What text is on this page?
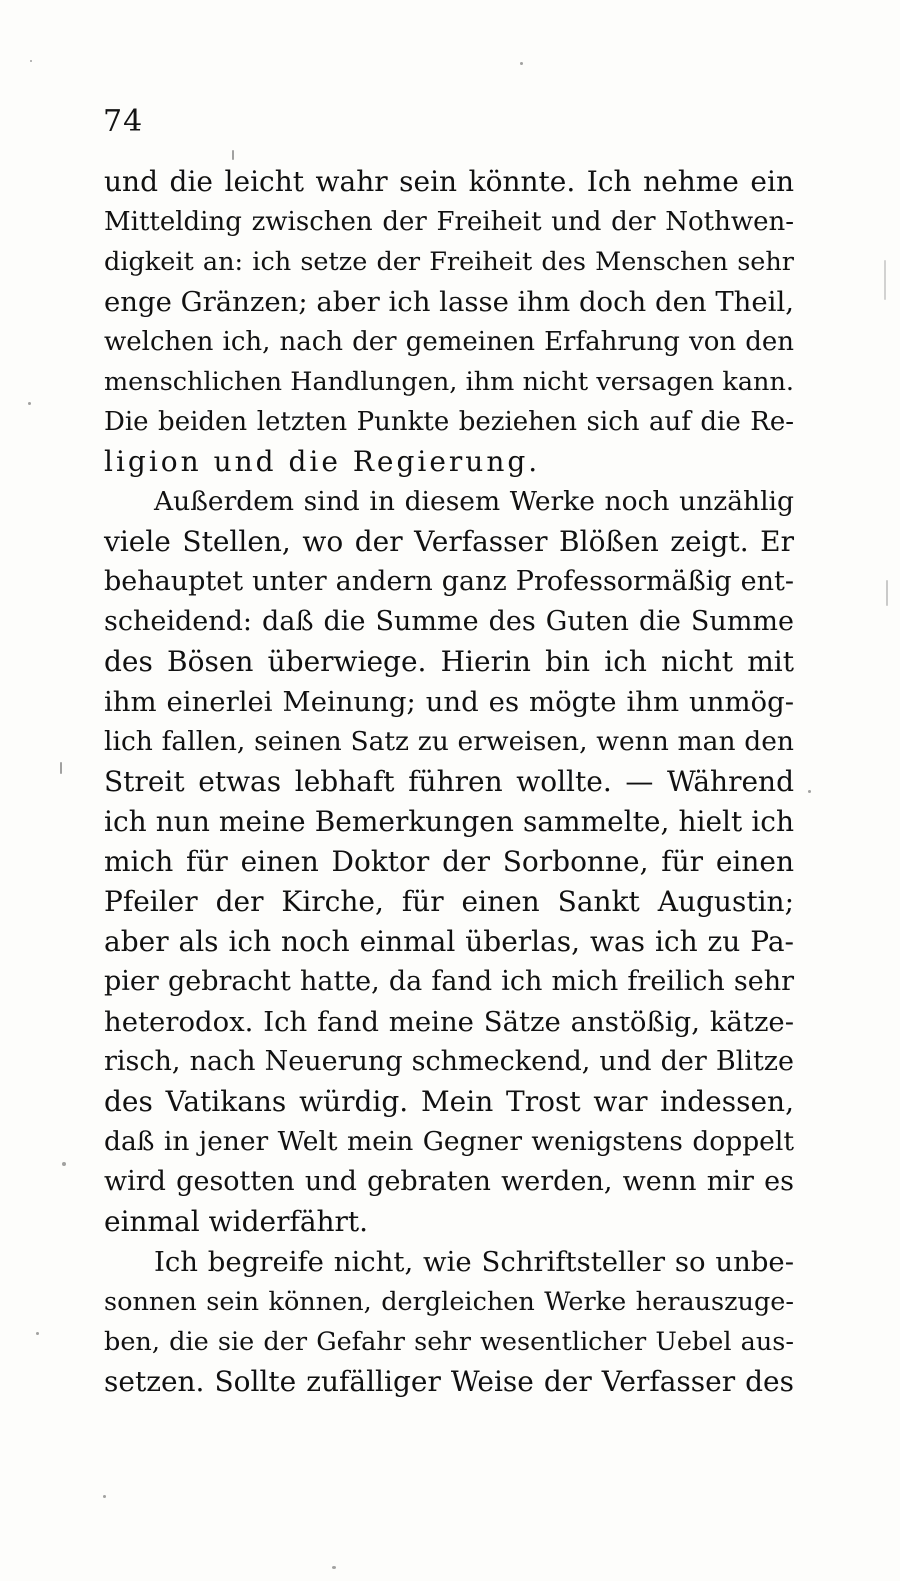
74
und die leicht wahr sein könnte. Ich nehme ein
Mittelding zwischen der Freiheit und der Nothwen-
digkeit an: ich setze der Freiheit des Menschen sehr
enge Gränzen; aber ich lasse ihm doch den Theil,
welchen ich, nach der gemeinen Erfahrung von den
menschlichen Handlungen, ihm nicht versagen kann.
Die beiden letzten Punkte beziehen sich auf die Re-
ligion und die Regierung.
Außerdem sind in diesem Werke noch unzählig
viele Stellen, wo der Verfasser Blößen zeigt. Er
behauptet unter andern ganz Professormäßig ent-
scheidend: daß die Summe des Guten die Summe
des Bösen überwiege. Hierin bin ich nicht mit
ihm einerlei Meinung; und es mögte ihm unmög-
lich fallen, seinen Satz zu erweisen, wenn man den
Streit etwas lebhaft führen wollte. — Während
ich nun meine Bemerkungen sammelte, hielt ich
mich für einen Doktor der Sorbonne, für einen
Pfeiler der Kirche, für einen Sankt Augustin;
aber als ich noch einmal überlas, was ich zu Pa-
pier gebracht hatte, da fand ich mich freilich sehr
heterodox. Ich fand meine Sätze anstößig, kätze-
risch, nach Neuerung schmeckend, und der Blitze
des Vatikans würdig. Mein Trost war indessen,
daß in jener Welt mein Gegner wenigstens doppelt
wird gesotten und gebraten werden, wenn mir es
einmal widerfährt.
Ich begreife nicht, wie Schriftsteller so unbe-
sonnen sein können, dergleichen Werke herauszuge-
ben, die sie der Gefahr sehr wesentlicher Uebel aus-
setzen. Sollte zufälliger Weise der Verfasser des
